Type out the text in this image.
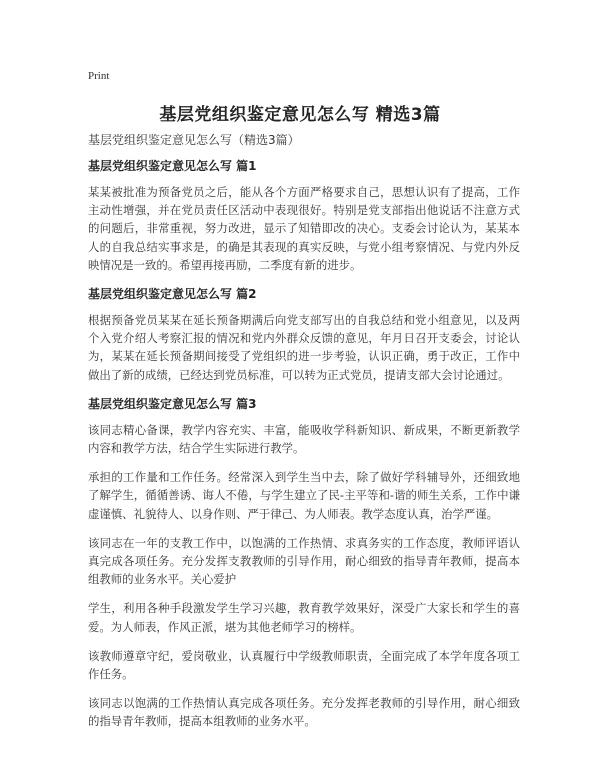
Print
基层党组织鉴定意见怎么写 精选3篇

基层党组织鉴定意见怎么写（精选3篇）

基层党组织鉴定意见怎么写 篇1

某某被批准为预备党员之后，能从各个方面严格要求自己，思想认识有了提高，工作主动性增强，并在党员责任区活动中表现很好。特别是党支部指出他说话不注意方式的问题后，非常重视，努力改进，显示了知错即改的决心。支委会讨论认为，某某本人的自我总结实事求是，的确是其表现的真实反映，与党小组考察情况、与党内外反映情况是一致的。希望再接再励，二季度有新的进步。

基层党组织鉴定意见怎么写 篇2

根据预备党员某某在延长预备期满后向党支部写出的自我总结和党小组意见，以及两个入党介绍人考察汇报的情况和党内外群众反馈的意见，年月日召开支委会，讨论认为，某某在延长预备期间接受了党组织的进一步考验，认识正确，勇于改正，工作中做出了新的成绩，已经达到党员标准，可以转为正式党员，提请支部大会讨论通过。

基层党组织鉴定意见怎么写 篇3

该同志精心备课，教学内容充实、丰富，能吸收学科新知识、新成果，不断更新教学内容和教学方法，结合学生实际进行教学。

承担的工作量和工作任务。经常深入到学生当中去，除了做好学科辅导外，还细致地了解学生，循循善诱、诲人不倦，与学生建立了民-主平等和-谐的师生关系，工作中谦虚谨慎、礼貌待人、以身作则、严于律己、为人师表。教学态度认真，治学严谨。

该同志在一年的支教工作中，以饱满的工作热情、求真务实的工作态度，教师评语认真完成各项任务。充分发挥支教教师的引导作用，耐心细致的指导青年教师，提高本组教师的业务水平。关心爱护

学生，利用各种手段激发学生学习兴趣，教育教学效果好，深受广大家长和学生的喜爱。为人师表，作风正派，堪为其他老师学习的榜样。

该教师遵章守纪，爱岗敬业，认真履行中学级教师职责，全面完成了本学年度各项工作任务。

该同志以饱满的工作热情认真完成各项任务。充分发挥老教师的引导作用，耐心细致的指导青年教师，提高本组教师的业务水平。
